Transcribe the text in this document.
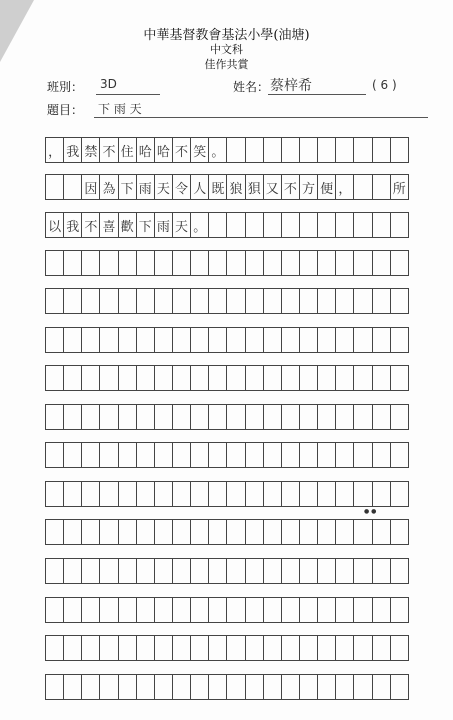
中華基督教會基法小學(油塘)
中文科
佳作共賞
班別： 3D	姓名： 蔡梓希	( 6 )
題目： 下 雨 天
， 我 禁 不 住 哈 哈 不 笑 。
因 為 下 雨 天 令 人 既 狼 狽 又 不 方 便 ，	所
以 我 不 喜 歡 下 雨 天 。
● ●
